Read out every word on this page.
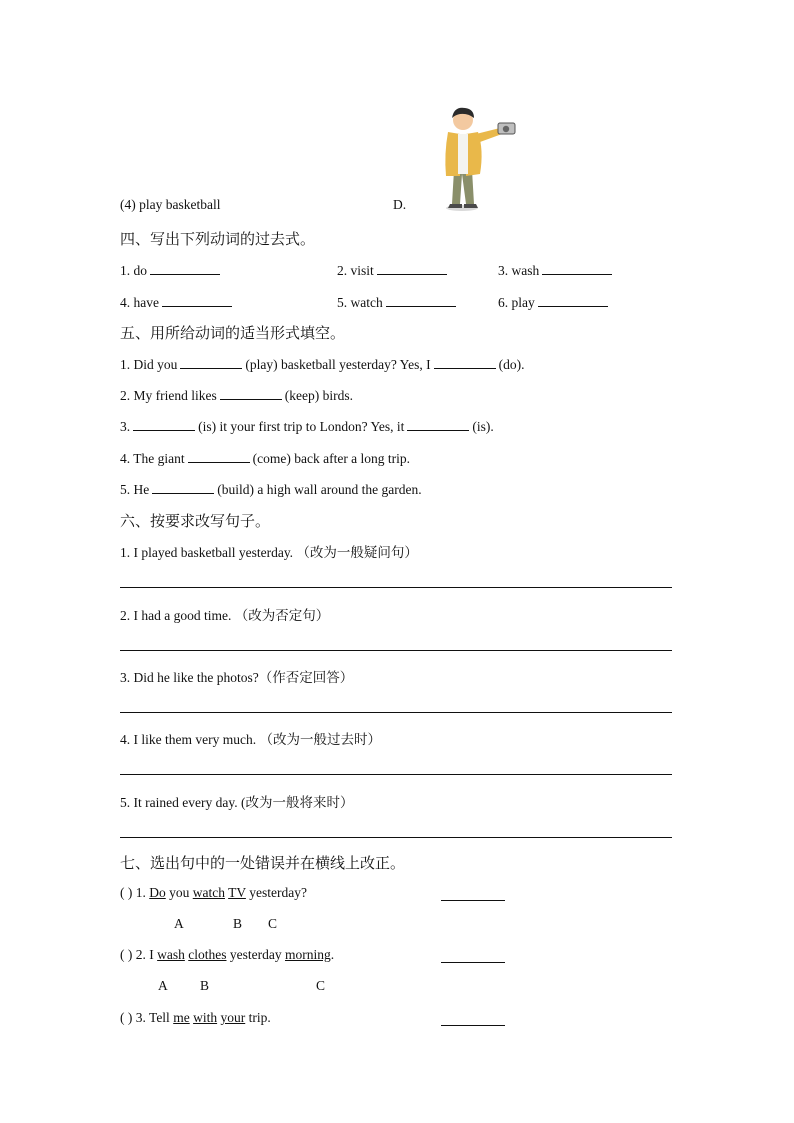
(4) play basketball	D.
四、写出下列动词的过去式。
1. do	2. visit	3. wash
4. have	5. watch	6. play
五、用所给动词的适当形式填空。
1. Did you	(play) basketball yesterday? Yes, I	(do).
2. My friend likes	(keep) birds.
3.	(is) it your first trip to London? Yes, it	(is).
4. The giant	(come) back after a long trip.
5. He	(build) a high wall around the garden.
六、按要求改写句子。
1. I played basketball yesterday. （改为一般疑问句）
2. I had a good time. （改为否定句）
3. Did he like the photos?（作否定回答）
4. I like them very much. （改为一般过去时）
5. It rained every day. (改为一般将来时）
七、选出句中的一处错误并在横线上改正。
( ) 1. Do you watch TV yesterday?
A	B C
( ) 2. I wash clothes yesterday morning.
A B	C
( ) 3. Tell me with your trip.
